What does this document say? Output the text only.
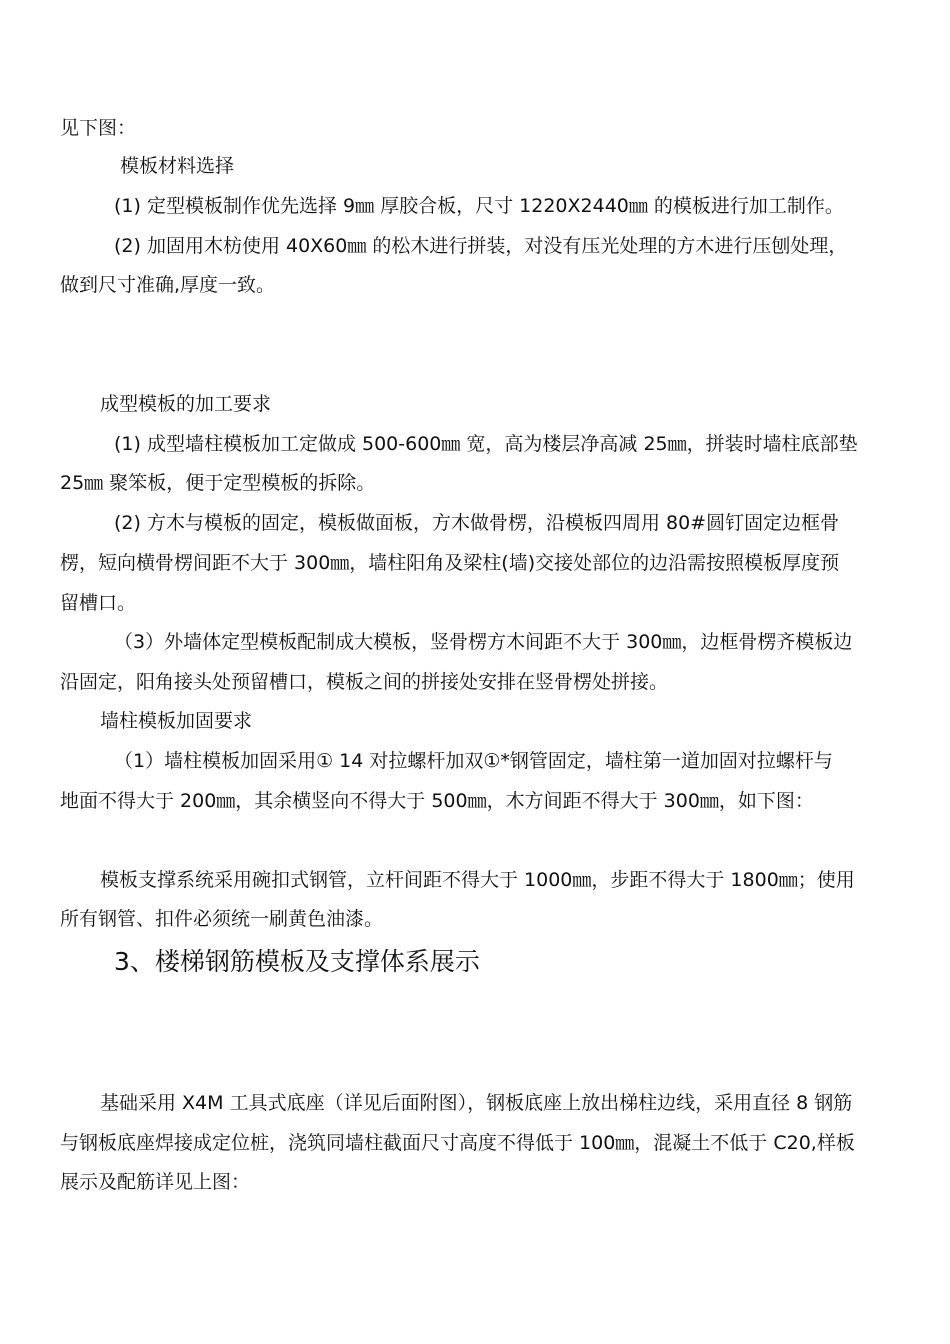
见下图：
模板材料选择
(1) 定型模板制作优先选择 9㎜ 厚胶合板，尺寸 1220X2440㎜ 的模板进行加工制作。
(2) 加固用木枋使用 40X60㎜ 的松木进行拼装，对没有压光处理的方木进行压刨处理，
做到尺寸准确,厚度一致。
成型模板的加工要求
(1) 成型墙柱模板加工定做成 500-600㎜ 宽，高为楼层净高减 25㎜，拼装时墙柱底部垫
25㎜ 聚笨板，便于定型模板的拆除。
(2) 方木与模板的固定，模板做面板，方木做骨楞，沿模板四周用 80#圆钉固定边框骨
楞，短向横骨楞间距不大于 300㎜，墙柱阳角及梁柱(墙)交接处部位的边沿需按照模板厚度预
留槽口。
（3）外墙体定型模板配制成大模板，竖骨楞方木间距不大于 300㎜，边框骨楞齐模板边
沿固定，阳角接头处预留槽口，模板之间的拼接处安排在竖骨楞处拼接。
墙柱模板加固要求
（1）墙柱模板加固采用① 14 对拉螺杆加双①*钢管固定，墙柱第一道加固对拉螺杆与
地面不得大于 200㎜，其余横竖向不得大于 500㎜，木方间距不得大于 300㎜，如下图：
模板支撑系统采用碗扣式钢管，立杆间距不得大于 1000㎜，步距不得大于 1800㎜；使用
所有钢管、扣件必须统一刷黄色油漆。
3、楼梯钢筋模板及支撑体系展示
基础采用 X4M 工具式底座（详见后面附图），钢板底座上放出梯柱边线，采用直径 8 钢筋
与钢板底座焊接成定位桩，浇筑同墙柱截面尺寸高度不得低于 100㎜，混凝土不低于 C20,样板
展示及配筋详见上图：
